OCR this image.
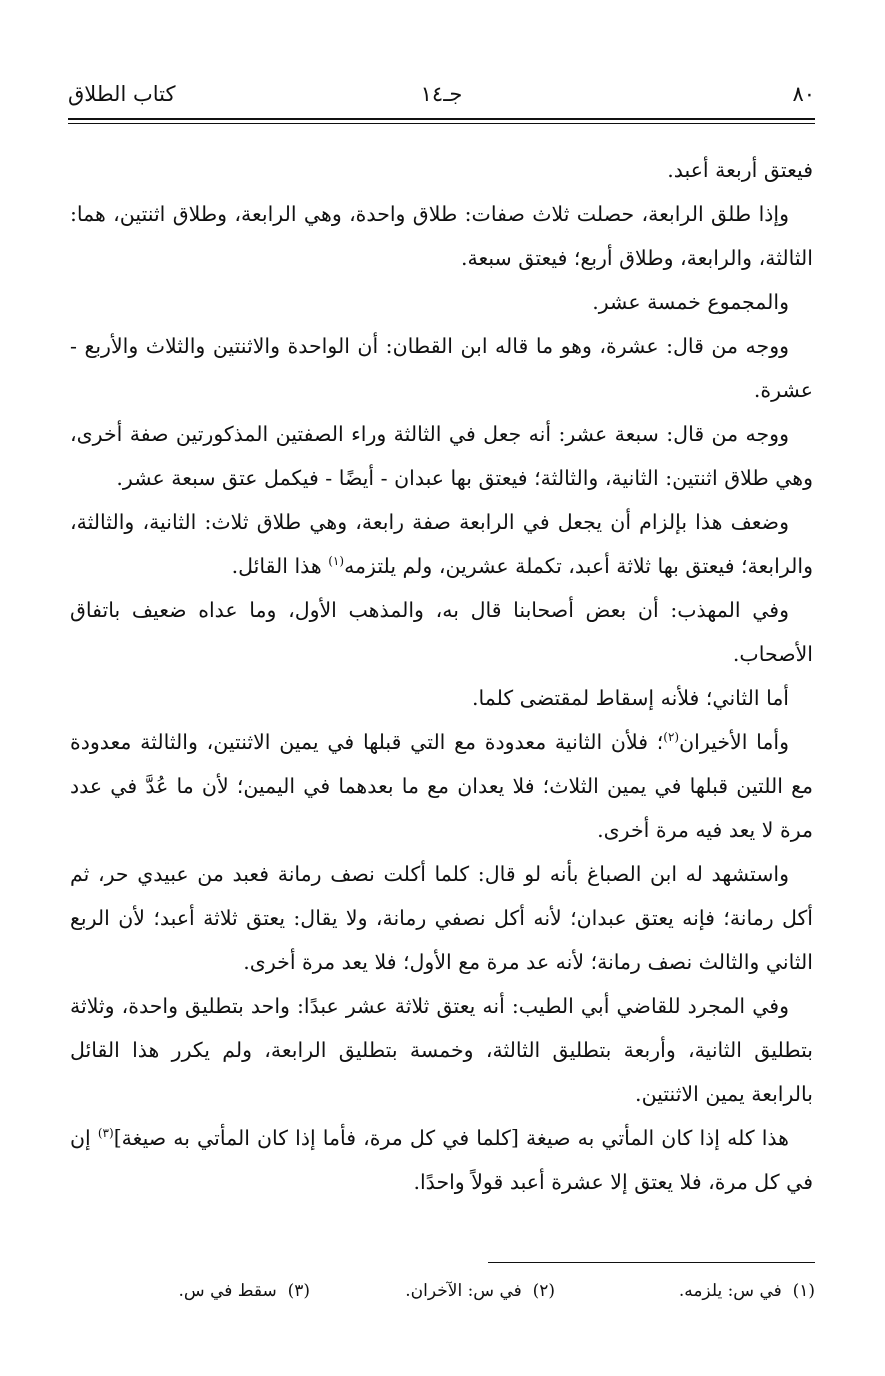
٨٠
جـ١٤
كتاب الطلاق

فيعتق أربعة أعبد.

وإذا طلق الرابعة، حصلت ثلاث صفات: طلاق واحدة، وهي الرابعة، وطلاق اثنتين، هما: الثالثة، والرابعة، وطلاق أربع؛ فيعتق سبعة.

والمجموع خمسة عشر.

ووجه من قال: عشرة، وهو ما قاله ابن القطان: أن الواحدة والاثنتين والثلاث والأربع - عشرة.

ووجه من قال: سبعة عشر: أنه جعل في الثالثة وراء الصفتين المذكورتين صفة أخرى، وهي طلاق اثنتين: الثانية، والثالثة؛ فيعتق بها عبدان - أيضًا - فيكمل عتق سبعة عشر.

وضعف هذا بإلزام أن يجعل في الرابعة صفة رابعة، وهي طلاق ثلاث: الثانية، والثالثة، والرابعة؛ فيعتق بها ثلاثة أعبد، تكملة عشرين، ولم يلتزمه$^{(١)}$ هذا القائل.

وفي المهذب: أن بعض أصحابنا قال به، والمذهب الأول، وما عداه ضعيف باتفاق الأصحاب.

أما الثاني؛ فلأنه إسقاط لمقتضى كلما.

وأما الأخيران$^{(٢)}$؛ فلأن الثانية معدودة مع التي قبلها في يمين الاثنتين، والثالثة معدودة مع اللتين قبلها في يمين الثلاث؛ فلا يعدان مع ما بعدهما في اليمين؛ لأن ما عُدَّ في عدد مرة لا يعد فيه مرة أخرى.

واستشهد له ابن الصباغ بأنه لو قال: كلما أكلت نصف رمانة فعبد من عبيدي حر، ثم أكل رمانة؛ فإنه يعتق عبدان؛ لأنه أكل نصفي رمانة، ولا يقال: يعتق ثلاثة أعبد؛ لأن الربع الثاني والثالث نصف رمانة؛ لأنه عد مرة مع الأول؛ فلا يعد مرة أخرى.

وفي المجرد للقاضي أبي الطيب: أنه يعتق ثلاثة عشر عبدًا: واحد بتطليق واحدة، وثلاثة بتطليق الثانية، وأربعة بتطليق الثالثة، وخمسة بتطليق الرابعة، ولم يكرر هذا القائل بالرابعة يمين الاثنتين.

هذا كله إذا كان المأتي به صيغة [كلما في كل مرة، فأما إذا كان المأتي به صيغة]$^{(٣)}$ إن في كل مرة، فلا يعتق إلا عشرة أعبد قولاً واحدًا.

(١)  في س: يلزمه.
(٢)  في س: الآخران.
(٣)  سقط في س.
